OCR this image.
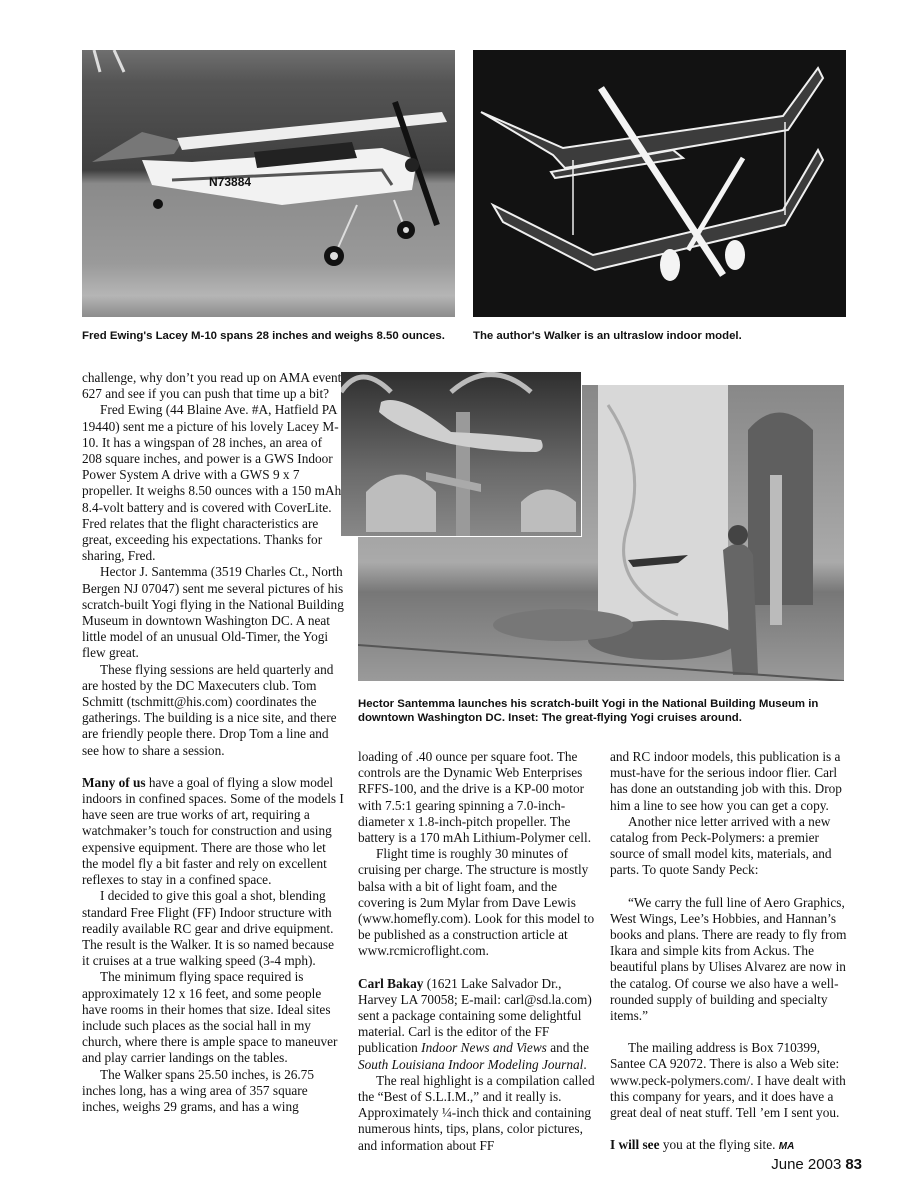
N73884
Fred Ewing's Lacey M-10 spans 28 inches and weighs 8.50 ounces.	The author's Walker is an ultraslow indoor model.
Hector Santemma launches his scratch-built Yogi in the National Building Museum in downtown Washington DC. Inset: The great-flying Yogi cruises around.

challenge, why don’t you read up on AMA event 627 and see if you can push that time up a bit?

Fred Ewing (44 Blaine Ave. #A, Hatfield PA 19440) sent me a picture of his lovely Lacey M-10. It has a wingspan of 28 inches, an area of 208 square inches, and power is a GWS Indoor Power System A drive with a GWS 9 x 7 propeller. It weighs 8.50 ounces with a 150 mAh 8.4-volt battery and is covered with CoverLite. Fred relates that the flight characteristics are great, exceeding his expectations. Thanks for sharing, Fred.

Hector J. Santemma (3519 Charles Ct., North Bergen NJ 07047) sent me several pictures of his scratch-built Yogi flying in the National Building Museum in downtown Washington DC. A neat little model of an unusual Old-Timer, the Yogi flew great.

These flying sessions are held quarterly and are hosted by the DC Maxecuters club. Tom Schmitt (tschmitt@his.com) coordinates the gatherings. The building is a nice site, and there are friendly people there. Drop Tom a line and see how to share a session.

Many of us have a goal of flying a slow model indoors in confined spaces. Some of the models I have seen are true works of art, requiring a watchmaker’s touch for construction and using expensive equipment. There are those who let the model fly a bit faster and rely on excellent reflexes to stay in a confined space.

I decided to give this goal a shot, blending standard Free Flight (FF) Indoor structure with readily available RC gear and drive equipment. The result is the Walker. It is so named because it cruises at a true walking speed (3-4 mph).

The minimum flying space required is approximately 12 x 16 feet, and some people have rooms in their homes that size. Ideal sites include such places as the social hall in my church, where there is ample space to maneuver and play carrier landings on the tables.

The Walker spans 25.50 inches, is 26.75 inches long, has a wing area of 357 square inches, weighs 29 grams, and has a wing

loading of .40 ounce per square foot. The controls are the Dynamic Web Enterprises RFFS-100, and the drive is a KP-00 motor with 7.5:1 gearing spinning a 7.0-inch-diameter x 1.8-inch-pitch propeller. The battery is a 170 mAh Lithium-Polymer cell.

Flight time is roughly 30 minutes of cruising per charge. The structure is mostly balsa with a bit of light foam, and the covering is 2um Mylar from Dave Lewis (www.homefly.com). Look for this model to be published as a construction article at www.rcmicroflight.com.

Carl Bakay (1621 Lake Salvador Dr., Harvey LA 70058; E-mail: carl@sd.la.com) sent a package containing some delightful material. Carl is the editor of the FF publication Indoor News and Views and the South Louisiana Indoor Modeling Journal.

The real highlight is a compilation called the “Best of S.L.I.M.,” and it really is. Approximately ¼-inch thick and containing numerous hints, tips, plans, color pictures, and information about FF

and RC indoor models, this publication is a must-have for the serious indoor flier. Carl has done an outstanding job with this. Drop him a line to see how you can get a copy.

Another nice letter arrived with a new catalog from Peck-Polymers: a premier source of small model kits, materials, and parts. To quote Sandy Peck:

“We carry the full line of Aero Graphics, West Wings, Lee’s Hobbies, and Hannan’s books and plans. There are ready to fly from Ikara and simple kits from Ackus. The beautiful plans by Ulises Alvarez are now in the catalog. Of course we also have a well-rounded supply of building and specialty items.”

The mailing address is Box 710399, Santee CA 92072. There is also a Web site: www.peck-polymers.com/. I have dealt with this company for years, and it does have a great deal of neat stuff. Tell ’em I sent you.

I will see you at the flying site. MA

June 2003 83
